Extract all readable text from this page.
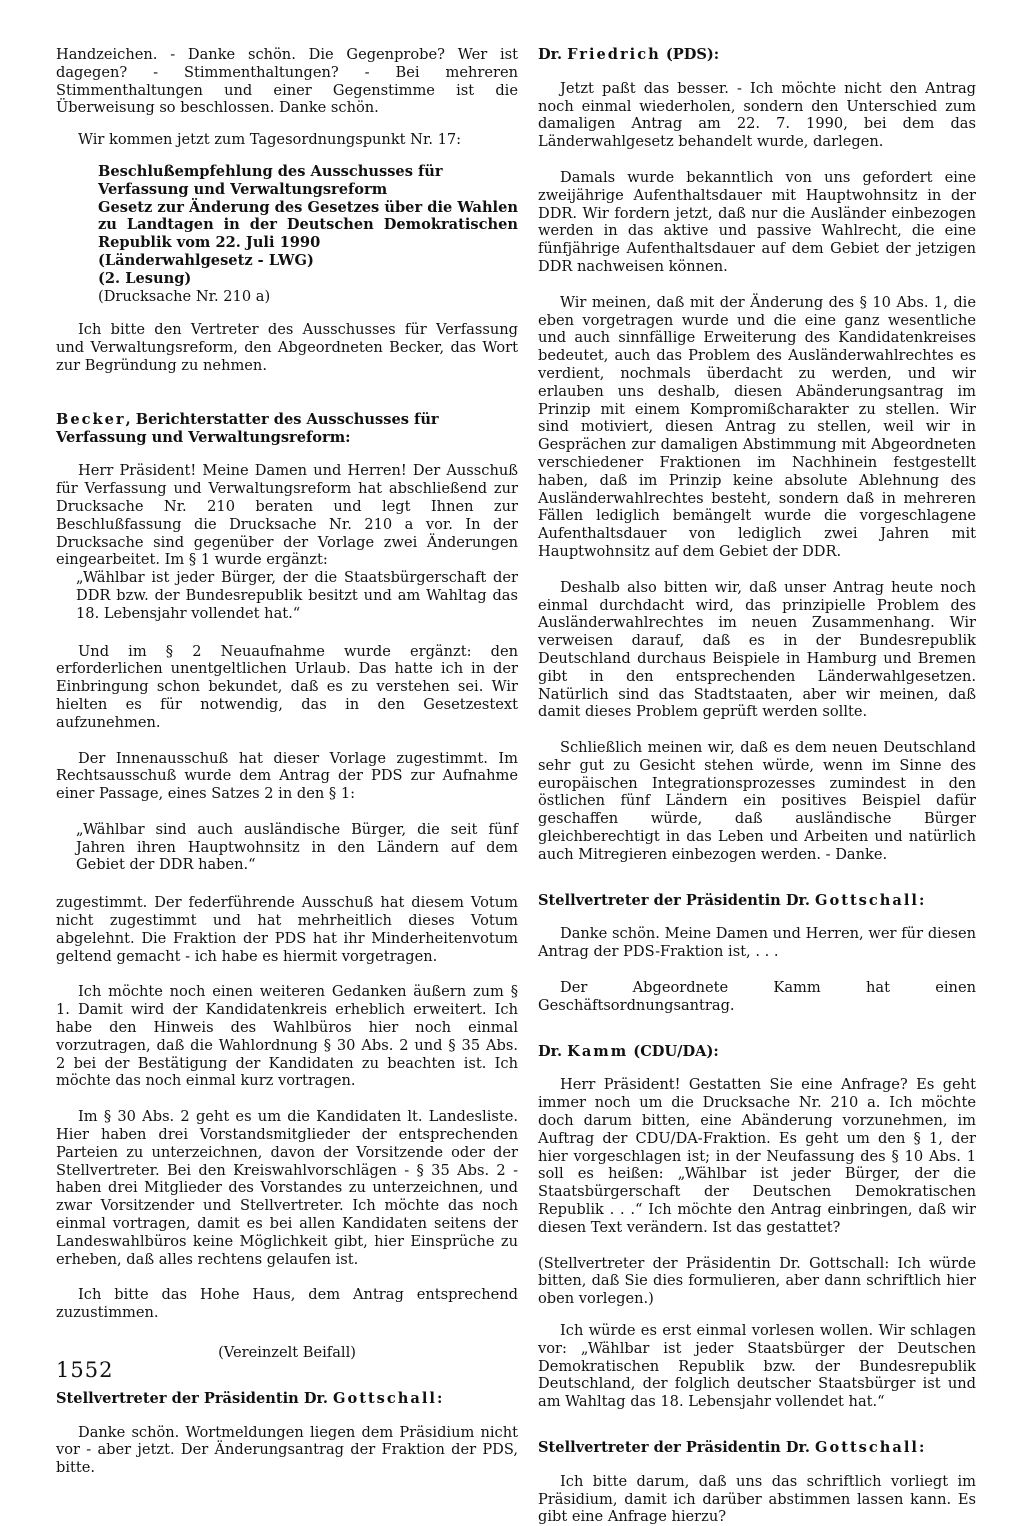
Handzeichen. - Danke schön. Die Gegenprobe? Wer ist dagegen? - Stimmenthaltungen? - Bei mehreren Stimmenthaltungen und einer Gegenstimme ist die Überweisung so beschlossen. Danke schön.

Wir kommen jetzt zum Tagesordnungspunkt Nr. 17:

Beschlußempfehlung des Ausschusses für Verfassung und Verwaltungsreform
Gesetz zur Änderung des Gesetzes über die Wahlen zu Landtagen in der Deutschen Demokratischen Republik vom 22. Juli 1990
(Länderwahlgesetz - LWG)
(2. Lesung)
(Drucksache Nr. 210 a)

Ich bitte den Vertreter des Ausschusses für Verfassung und Verwaltungsreform, den Abgeordneten Becker, das Wort zur Begründung zu nehmen.

Becker, Berichterstatter des Ausschusses für Verfassung und Verwaltungsreform:

Herr Präsident! Meine Damen und Herren! Der Ausschuß für Verfassung und Verwaltungsreform hat abschließend zur Drucksache Nr. 210 beraten und legt Ihnen zur Beschlußfassung die Drucksache Nr. 210 a vor. In der Drucksache sind gegenüber der Vorlage zwei Änderungen eingearbeitet. Im § 1 wurde ergänzt:

„Wählbar ist jeder Bürger, der die Staatsbürgerschaft der DDR bzw. der Bundesrepublik besitzt und am Wahltag das 18. Lebensjahr vollendet hat.“

Und im § 2 Neuaufnahme wurde ergänzt: den erforderlichen unentgeltlichen Urlaub. Das hatte ich in der Einbringung schon bekundet, daß es zu verstehen sei. Wir hielten es für notwendig, das in den Gesetzestext aufzunehmen.

Der Innenausschuß hat dieser Vorlage zugestimmt. Im Rechtsausschuß wurde dem Antrag der PDS zur Aufnahme einer Passage, eines Satzes 2 in den § 1:

„Wählbar sind auch ausländische Bürger, die seit fünf Jahren ihren Hauptwohnsitz in den Ländern auf dem Gebiet der DDR haben.“

zugestimmt. Der federführende Ausschuß hat diesem Votum nicht zugestimmt und hat mehrheitlich dieses Votum abgelehnt. Die Fraktion der PDS hat ihr Minderheitenvotum geltend gemacht - ich habe es hiermit vorgetragen.

Ich möchte noch einen weiteren Gedanken äußern zum § 1. Damit wird der Kandidatenkreis erheblich erweitert. Ich habe den Hinweis des Wahlbüros hier noch einmal vorzutragen, daß die Wahlordnung § 30 Abs. 2 und § 35 Abs. 2 bei der Bestätigung der Kandidaten zu beachten ist. Ich möchte das noch einmal kurz vortragen.

Im § 30 Abs. 2 geht es um die Kandidaten lt. Landesliste. Hier haben drei Vorstandsmitglieder der entsprechenden Parteien zu unterzeichnen, davon der Vorsitzende oder der Stellvertreter. Bei den Kreiswahlvorschlägen - § 35 Abs. 2 - haben drei Mitglieder des Vorstandes zu unterzeichnen, und zwar Vorsitzender und Stellvertreter. Ich möchte das noch einmal vortragen, damit es bei allen Kandidaten seitens der Landeswahlbüros keine Möglichkeit gibt, hier Einsprüche zu erheben, daß alles rechtens gelaufen ist.

Ich bitte das Hohe Haus, dem Antrag entsprechend zuzustimmen.

(Vereinzelt Beifall)

Stellvertreter der Präsidentin Dr. Gottschall:

Danke schön. Wortmeldungen liegen dem Präsidium nicht vor - aber jetzt. Der Änderungsantrag der Fraktion der PDS, bitte.

Dr. Friedrich (PDS):

Jetzt paßt das besser. - Ich möchte nicht den Antrag noch einmal wiederholen, sondern den Unterschied zum damaligen Antrag am 22. 7. 1990, bei dem das Länderwahlgesetz behandelt wurde, darlegen.

Damals wurde bekanntlich von uns gefordert eine zweijährige Aufenthaltsdauer mit Hauptwohnsitz in der DDR. Wir fordern jetzt, daß nur die Ausländer einbezogen werden in das aktive und passive Wahlrecht, die eine fünfjährige Aufenthaltsdauer auf dem Gebiet der jetzigen DDR nachweisen können.

Wir meinen, daß mit der Änderung des § 10 Abs. 1, die eben vorgetragen wurde und die eine ganz wesentliche und auch sinnfällige Erweiterung des Kandidatenkreises bedeutet, auch das Problem des Ausländerwahlrechtes es verdient, nochmals überdacht zu werden, und wir erlauben uns deshalb, diesen Abänderungsantrag im Prinzip mit einem Kompromißcharakter zu stellen. Wir sind motiviert, diesen Antrag zu stellen, weil wir in Gesprächen zur damaligen Abstimmung mit Abgeordneten verschiedener Fraktionen im Nachhinein festgestellt haben, daß im Prinzip keine absolute Ablehnung des Ausländerwahlrechtes besteht, sondern daß in mehreren Fällen lediglich bemängelt wurde die vorgeschlagene Aufenthaltsdauer von lediglich zwei Jahren mit Hauptwohnsitz auf dem Gebiet der DDR.

Deshalb also bitten wir, daß unser Antrag heute noch einmal durchdacht wird, das prinzipielle Problem des Ausländerwahlrechtes im neuen Zusammenhang. Wir verweisen darauf, daß es in der Bundesrepublik Deutschland durchaus Beispiele in Hamburg und Bremen gibt in den entsprechenden Länderwahlgesetzen. Natürlich sind das Stadtstaaten, aber wir meinen, daß damit dieses Problem geprüft werden sollte.

Schließlich meinen wir, daß es dem neuen Deutschland sehr gut zu Gesicht stehen würde, wenn im Sinne des europäischen Integrationsprozesses zumindest in den östlichen fünf Ländern ein positives Beispiel dafür geschaffen würde, daß ausländische Bürger gleichberechtigt in das Leben und Arbeiten und natürlich auch Mitregieren einbezogen werden. - Danke.

Stellvertreter der Präsidentin Dr. Gottschall:

Danke schön. Meine Damen und Herren, wer für diesen Antrag der PDS-Fraktion ist, . . .

Der Abgeordnete Kamm hat einen Geschäftsordnungsantrag.

Dr. Kamm (CDU/DA):

Herr Präsident! Gestatten Sie eine Anfrage? Es geht immer noch um die Drucksache Nr. 210 a. Ich möchte doch darum bitten, eine Abänderung vorzunehmen, im Auftrag der CDU/DA-Fraktion. Es geht um den § 1, der hier vorgeschlagen ist; in der Neufassung des § 10 Abs. 1 soll es heißen: „Wählbar ist jeder Bürger, der die Staatsbürgerschaft der Deutschen Demokratischen Republik . . .“ Ich möchte den Antrag einbringen, daß wir diesen Text verändern. Ist das gestattet?

(Stellvertreter der Präsidentin Dr. Gottschall: Ich würde bitten, daß Sie dies formulieren, aber dann schriftlich hier oben vorlegen.)

Ich würde es erst einmal vorlesen wollen. Wir schlagen vor: „Wählbar ist jeder Staatsbürger der Deutschen Demokratischen Republik bzw. der Bundesrepublik Deutschland, der folglich deutscher Staatsbürger ist und am Wahltag das 18. Lebensjahr vollendet hat.“

Stellvertreter der Präsidentin Dr. Gottschall:

Ich bitte darum, daß uns das schriftlich vorliegt im Präsidium, damit ich darüber abstimmen lassen kann. Es gibt eine Anfrage hierzu?

1552
